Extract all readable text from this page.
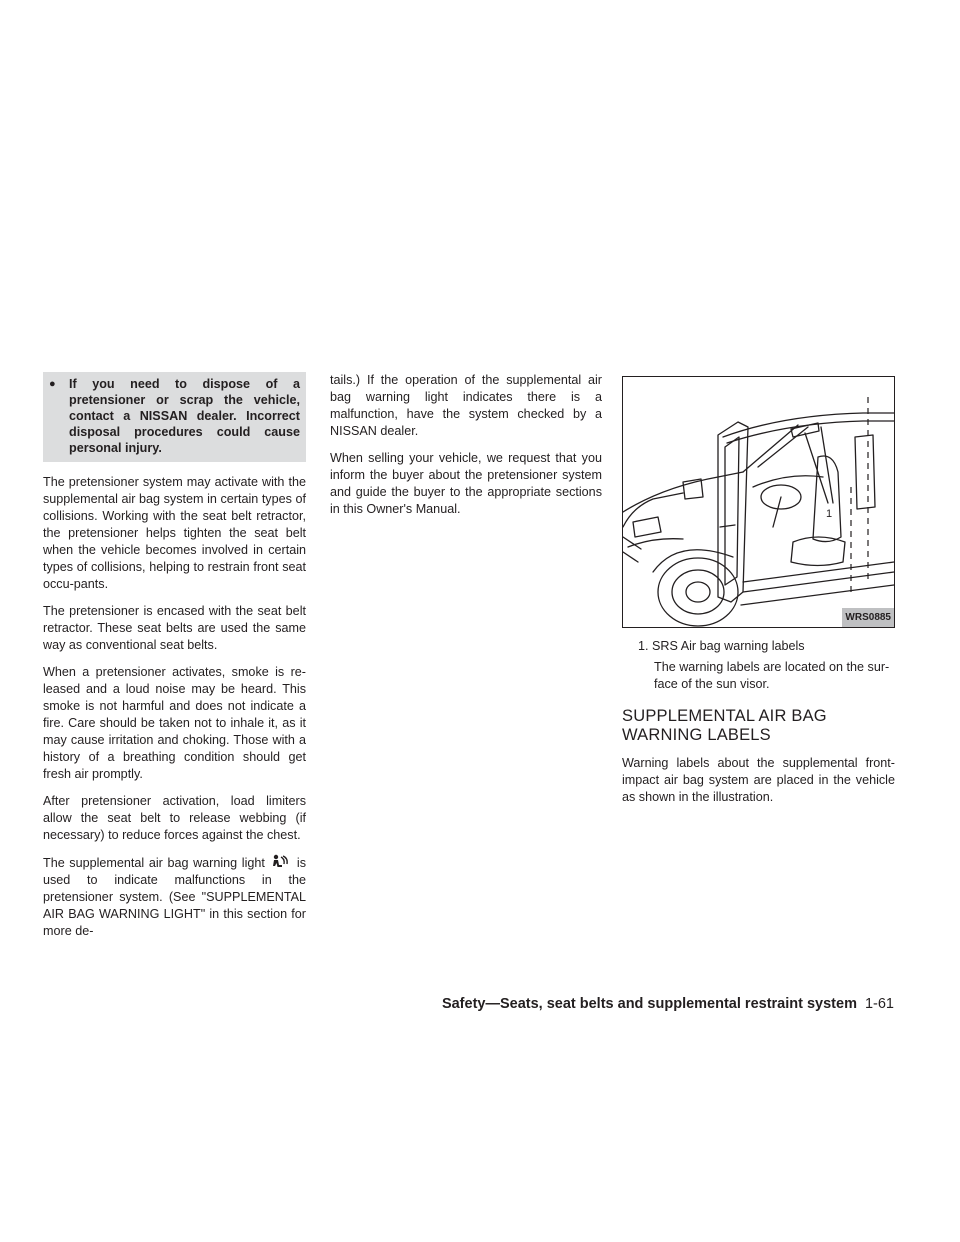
●	If you need to dispose of a pretensioner or scrap the vehicle, contact a NISSAN dealer. Incorrect disposal procedures could cause personal injury.

The pretensioner system may activate with the supplemental air bag system in certain types of collisions. Working with the seat belt retractor, the pretensioner helps tighten the seat belt when the vehicle becomes involved in certain types of collisions, helping to restrain front seat occu-pants.

The pretensioner is encased with the seat belt retractor. These seat belts are used the same way as conventional seat belts.

When a pretensioner activates, smoke is re-leased and a loud noise may be heard. This smoke is not harmful and does not indicate a fire. Care should be taken not to inhale it, as it may cause irritation and choking. Those with a history of a breathing condition should get fresh air promptly.

After pretensioner activation, load limiters allow the seat belt to release webbing (if necessary) to reduce forces against the chest.

The supplemental air bag warning light	is used to indicate malfunctions in the pretensioner system. (See "SUPPLEMENTAL AIR BAG WARNING LIGHT" in this section for more de-

tails.) If the operation of the supplemental air bag warning light indicates there is a malfunction, have the system checked by a NISSAN dealer.

When selling your vehicle, we request that you inform the buyer about the pretensioner system and guide the buyer to the appropriate sections in this Owner's Manual.	1
WRS0885
1. SRS Air bag warning labels
The warning labels are located on the sur-face of the sun visor.
SUPPLEMENTAL AIR BAG
WARNING LABELS

Warning labels about the supplemental front-impact air bag system are placed in the vehicle as shown in the illustration.

Safety—Seats, seat belts and supplemental restraint system 1-61
